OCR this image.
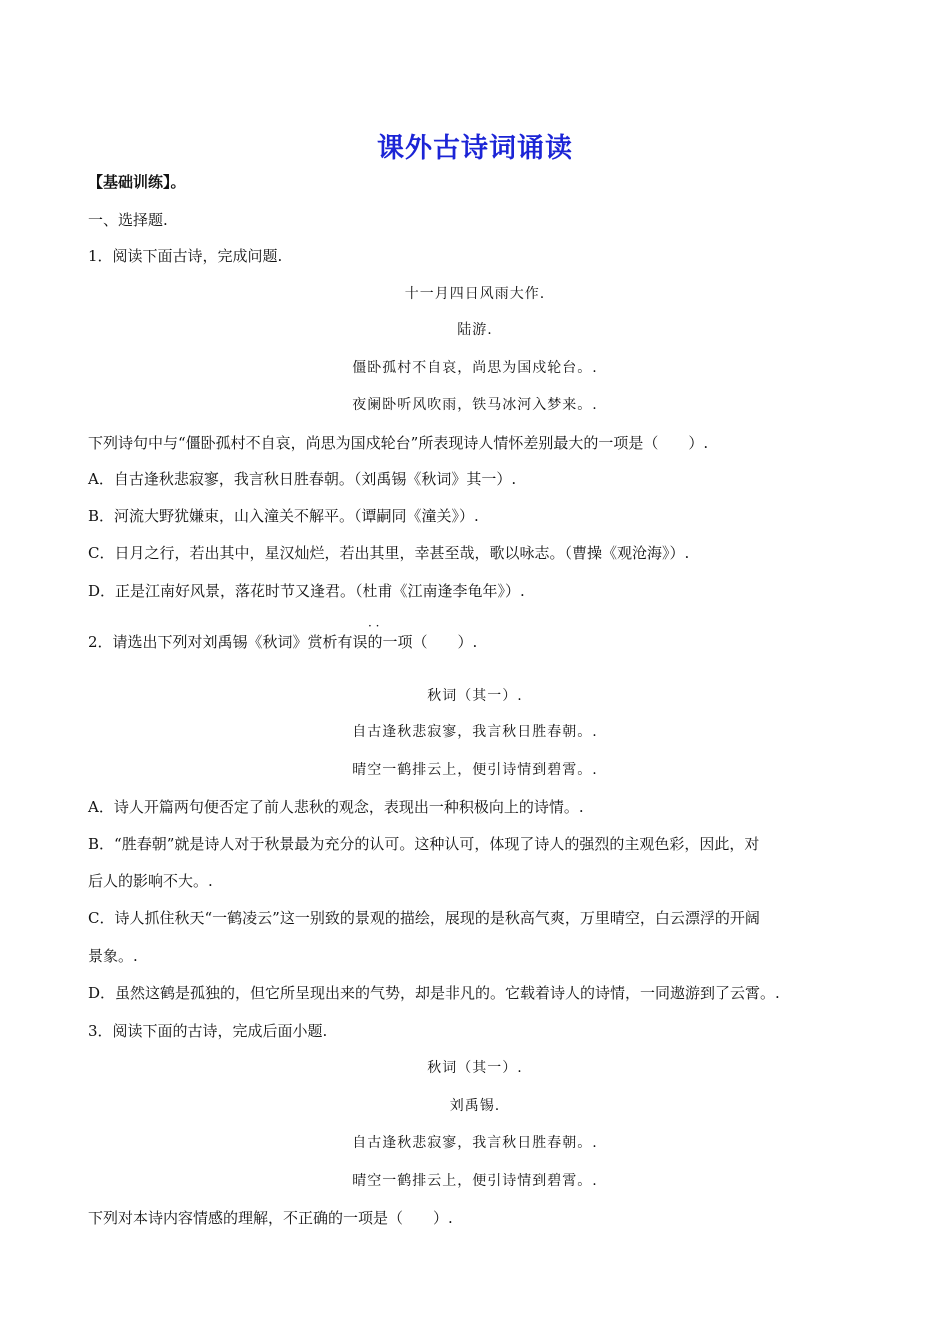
课外古诗词诵读
【基础训练】。
一、选择题.
1．阅读下面古诗，完成问题.
十一月四日风雨大作.
陆游.
僵卧孤村不自哀，尚思为国戍轮台。.
夜阑卧听风吹雨，铁马冰河入梦来。.
下列诗句中与“僵卧孤村不自哀，尚思为国戍轮台”所表现诗人情怀差别最大的一项是（　　）.
A．自古逢秋悲寂寥，我言秋日胜春朝。（刘禹锡《秋词》其一）.
B．河流大野犹嫌束，山入潼关不解平。（谭嗣同《潼关》）.
C．日月之行，若出其中，星汉灿烂，若出其里，幸甚至哉，歌以咏志。（曹操《观沧海》）.
D．正是江南好风景，落花时节又逢君。（杜甫《江南逢李龟年》）.
· ·
2．请选出下列对刘禹锡《秋词》赏析有误的一项（　　）.
秋词（其一）.
自古逢秋悲寂寥，我言秋日胜春朝。.
晴空一鹤排云上，便引诗情到碧霄。.
A．诗人开篇两句便否定了前人悲秋的观念，表现出一种积极向上的诗情。.
B．“胜春朝”就是诗人对于秋景最为充分的认可。这种认可，体现了诗人的强烈的主观色彩，因此，对
后人的影响不大。.
C．诗人抓住秋天“一鹤凌云”这一别致的景观的描绘，展现的是秋高气爽，万里晴空，白云漂浮的开阔
景象。.
D．虽然这鹤是孤独的，但它所呈现出来的气势，却是非凡的。它载着诗人的诗情，一同遨游到了云霄。.
3．阅读下面的古诗，完成后面小题.
秋词（其一）.
刘禹锡.
自古逢秋悲寂寥，我言秋日胜春朝。.
晴空一鹤排云上，便引诗情到碧霄。.
下列对本诗内容情感的理解，不正确的一项是（　　）.
